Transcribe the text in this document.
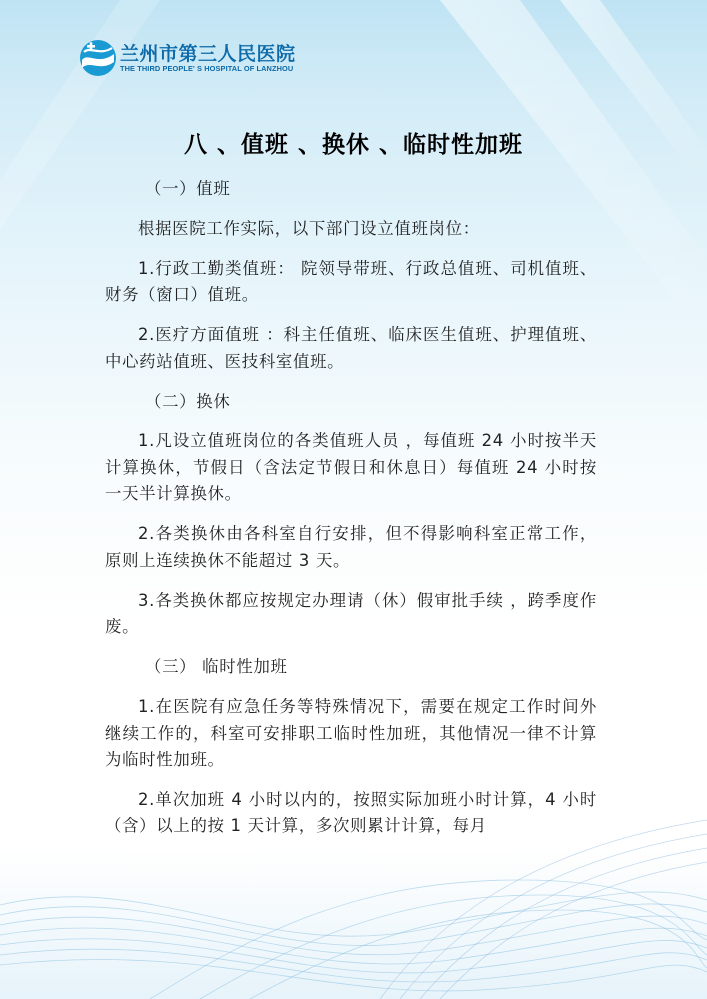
兰州市第三人民医院
THE THIRD PEOPLE' S HOSPITAL OF LANZHOU
八 、值班 、换休 、临时性加班

（一）值班

根据医院工作实际，以下部门设立值班岗位：

1.行政工勤类值班： 院领导带班、行政总值班、司机值班、财务（窗口）值班。

2.医疗方面值班 ：科主任值班、临床医生值班、护理值班、中心药站值班、医技科室值班。

（二）换休

1.凡设立值班岗位的各类值班人员 ，每值班 24 小时按半天计算换休，节假日（含法定节假日和休息日）每值班 24 小时按一天半计算换休。

2.各类换休由各科室自行安排，但不得影响科室正常工作，原则上连续换休不能超过 3 天。

3.各类换休都应按规定办理请（休）假审批手续 ，跨季度作废。

（三） 临时性加班

1.在医院有应急任务等特殊情况下，需要在规定工作时间外继续工作的，科室可安排职工临时性加班，其他情况一律不计算为临时性加班。

2.单次加班 4 小时以内的，按照实际加班小时计算，4 小时（含）以上的按 1 天计算，多次则累计计算，每月
